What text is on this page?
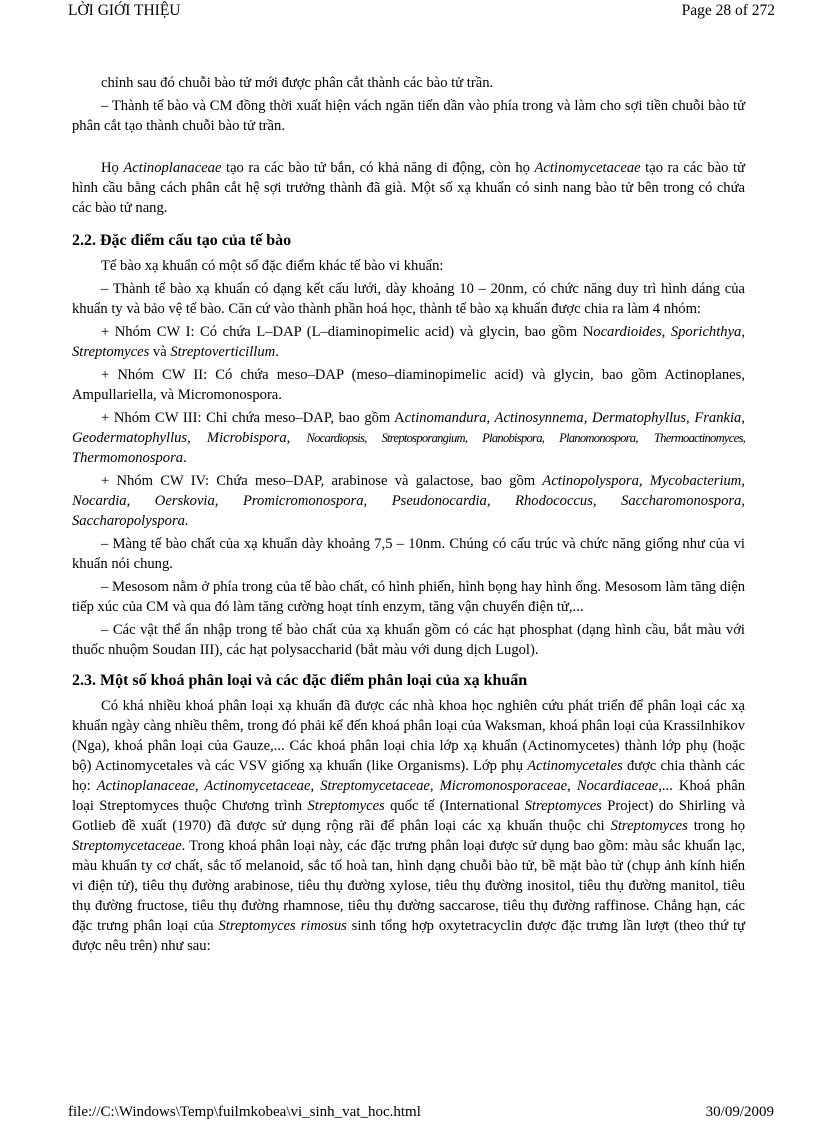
LỜI GIỚI THIỆU	Page 28 of 272

chỉnh sau đó chuỗi bào tử mới được phân cắt thành các bào tử trần.

– Thành tế bào và CM đồng thời xuất hiện vách ngăn tiến dần vào phía trong và làm cho sợi tiền chuỗi bào tử phân cắt tạo thành chuỗi bào tử trần.

Họ Actinoplanaceae tạo ra các bào tử bắn, có khả năng di động, còn họ Actinomycetaceae tạo ra các bào tử hình cầu bằng cách phân cắt hệ sợi trưởng thành đã già. Một số xạ khuẩn có sinh nang bào tử bên trong có chứa các bào tử nang.

2.2. Đặc điểm cấu tạo của tế bào

Tế bào xạ khuẩn có một số đặc điểm khác tế bào vi khuẩn:

– Thành tế bào xạ khuẩn có dạng kết cấu lưới, dày khoảng 10 – 20nm, có chức năng duy trì hình dáng của khuẩn ty và bảo vệ tế bào. Căn cứ vào thành phần hoá học, thành tế bào xạ khuẩn được chia ra làm 4 nhóm:

+ Nhóm CW I: Có chứa L–DAP (L–diaminopimelic acid) và glycin, bao gồm Nocardioides, Sporichthya, Streptomyces và Streptoverticillum.

+ Nhóm CW II: Có chứa meso–DAP (meso–diaminopimelic acid) và glycin, bao gồm Actinoplanes, Ampullariella, và Micromonospora.

+ Nhóm CW III: Chỉ chứa meso–DAP, bao gồm Actinomandura, Actinosynnema, Dermatophyllus, Frankia, Geodermatophyllus, Microbispora, Nocardiopsis, Streptosporangium, Planobispora, Planomonospora, Thermoactinomyces, Thermomonospora.

+ Nhóm CW IV: Chứa meso–DAP, arabinose và galactose, bao gồm Actinopolyspora, Mycobacterium, Nocardia, Oerskovia, Promicromonospora, Pseudonocardia, Rhodococcus, Saccharomonospora, Saccharopolyspora.

– Màng tế bào chất của xạ khuẩn dày khoảng 7,5 – 10nm. Chúng có cấu trúc và chức năng giống như của vi khuẩn nói chung.

– Mesosom nằm ở phía trong của tế bào chất, có hình phiến, hình bọng hay hình ống. Mesosom làm tăng diện tiếp xúc của CM và qua đó làm tăng cường hoạt tính enzym, tăng vận chuyển điện tử,...

– Các vật thể ẩn nhập trong tế bào chất của xạ khuẩn gồm có các hạt phosphat (dạng hình cầu, bắt màu với thuốc nhuộm Soudan III), các hạt polysaccharid (bắt màu với dung dịch Lugol).

2.3. Một số khoá phân loại và các đặc điểm phân loại của xạ khuẩn

Có khá nhiều khoá phân loại xạ khuẩn đã được các nhà khoa học nghiên cứu phát triển để phân loại các xạ khuẩn ngày càng nhiều thêm, trong đó phải kể đến khoá phân loại của Waksman, khoá phân loại của Krassilnhikov (Nga), khoá phân loại của Gauze,... Các khoá phân loại chia lớp xạ khuẩn (Actinomycetes) thành lớp phụ (hoặc bộ) Actinomycetales và các VSV giống xạ khuẩn (like Organisms). Lớp phụ Actinomycetales được chia thành các họ: Actinoplanaceae, Actinomycetaceae, Streptomycetaceae, Micromonosporaceae, Nocardiaceae,... Khoá phân loại Streptomyces thuộc Chương trình Streptomyces quốc tế (International Streptomyces Project) do Shirling và Gotlieb đề xuất (1970) đã được sử dụng rộng rãi để phân loại các xạ khuẩn thuộc chi Streptomyces trong họ Streptomycetaceae. Trong khoá phân loại này, các đặc trưng phân loại được sử dụng bao gồm: màu sắc khuẩn lạc, màu khuẩn ty cơ chất, sắc tố melanoid, sắc tố hoà tan, hình dạng chuỗi bào tử, bề mặt bào tử (chụp ảnh kính hiển vi điện tử), tiêu thụ đường arabinose, tiêu thụ đường xylose, tiêu thụ đường inositol, tiêu thụ đường manitol, tiêu thụ đường fructose, tiêu thụ đường rhamnose, tiêu thụ đường saccarose, tiêu thụ đường raffinose. Chẳng hạn, các đặc trưng phân loại của Streptomyces rimosus sinh tổng hợp oxytetracyclin được đặc trưng lần lượt (theo thứ tự được nêu trên) như sau:

file://C:\Windows\Temp\fuilmkobea\vi_sinh_vat_hoc.html	30/09/2009
